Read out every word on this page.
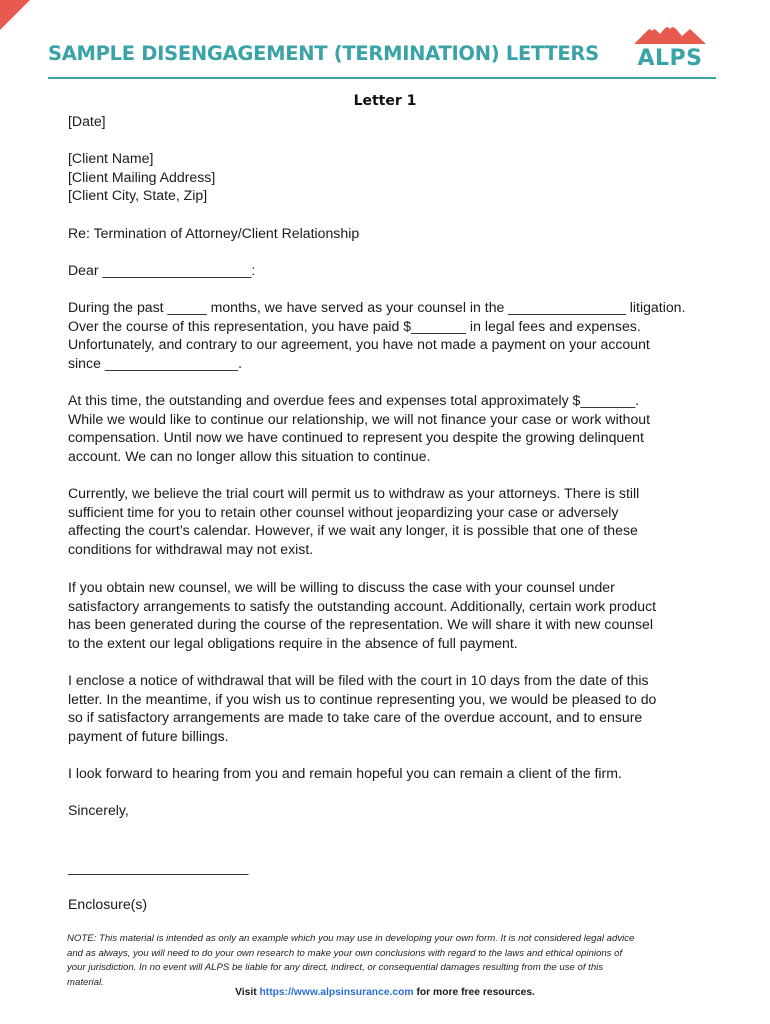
SAMPLE DISENGAGEMENT (TERMINATION) LETTERS	ALPS
Letter 1
[Date]
[Client Name]
[Client Mailing Address]
[Client City, State, Zip]
Re: Termination of Attorney/Client Relationship
Dear ___________________:
During the past _____ months, we have served as your counsel in the _______________ litigation.
Over the course of this representation, you have paid $_______ in legal fees and expenses.
Unfortunately, and contrary to our agreement, you have not made a payment on your account
since _________________.
At this time, the outstanding and overdue fees and expenses total approximately $_______.
While we would like to continue our relationship, we will not finance your case or work without
compensation. Until now we have continued to represent you despite the growing delinquent
account. We can no longer allow this situation to continue.
Currently, we believe the trial court will permit us to withdraw as your attorneys. There is still
sufficient time for you to retain other counsel without jeopardizing your case or adversely
affecting the court’s calendar. However, if we wait any longer, it is possible that one of these
conditions for withdrawal may not exist.
If you obtain new counsel, we will be willing to discuss the case with your counsel under
satisfactory arrangements to satisfy the outstanding account. Additionally, certain work product
has been generated during the course of the representation. We will share it with new counsel
to the extent our legal obligations require in the absence of full payment.
I enclose a notice of withdrawal that will be filed with the court in 10 days from the date of this
letter. In the meantime, if you wish us to continue representing you, we would be pleased to do
so if satisfactory arrangements are made to take care of the overdue account, and to ensure
payment of future billings.
I look forward to hearing from you and remain hopeful you can remain a client of the firm.
Sincerely,
_______________________
Enclosure(s)
NOTE: This material is intended as only an example which you may use in developing your own form. It is not considered legal advice
and as always, you will need to do your own research to make your own conclusions with regard to the laws and ethical opinions of
your jurisdiction. In no event will ALPS be liable for any direct, indirect, or consequential damages resulting from the use of this
material.
Visit https://www.alpsinsurance.com for more free resources.
